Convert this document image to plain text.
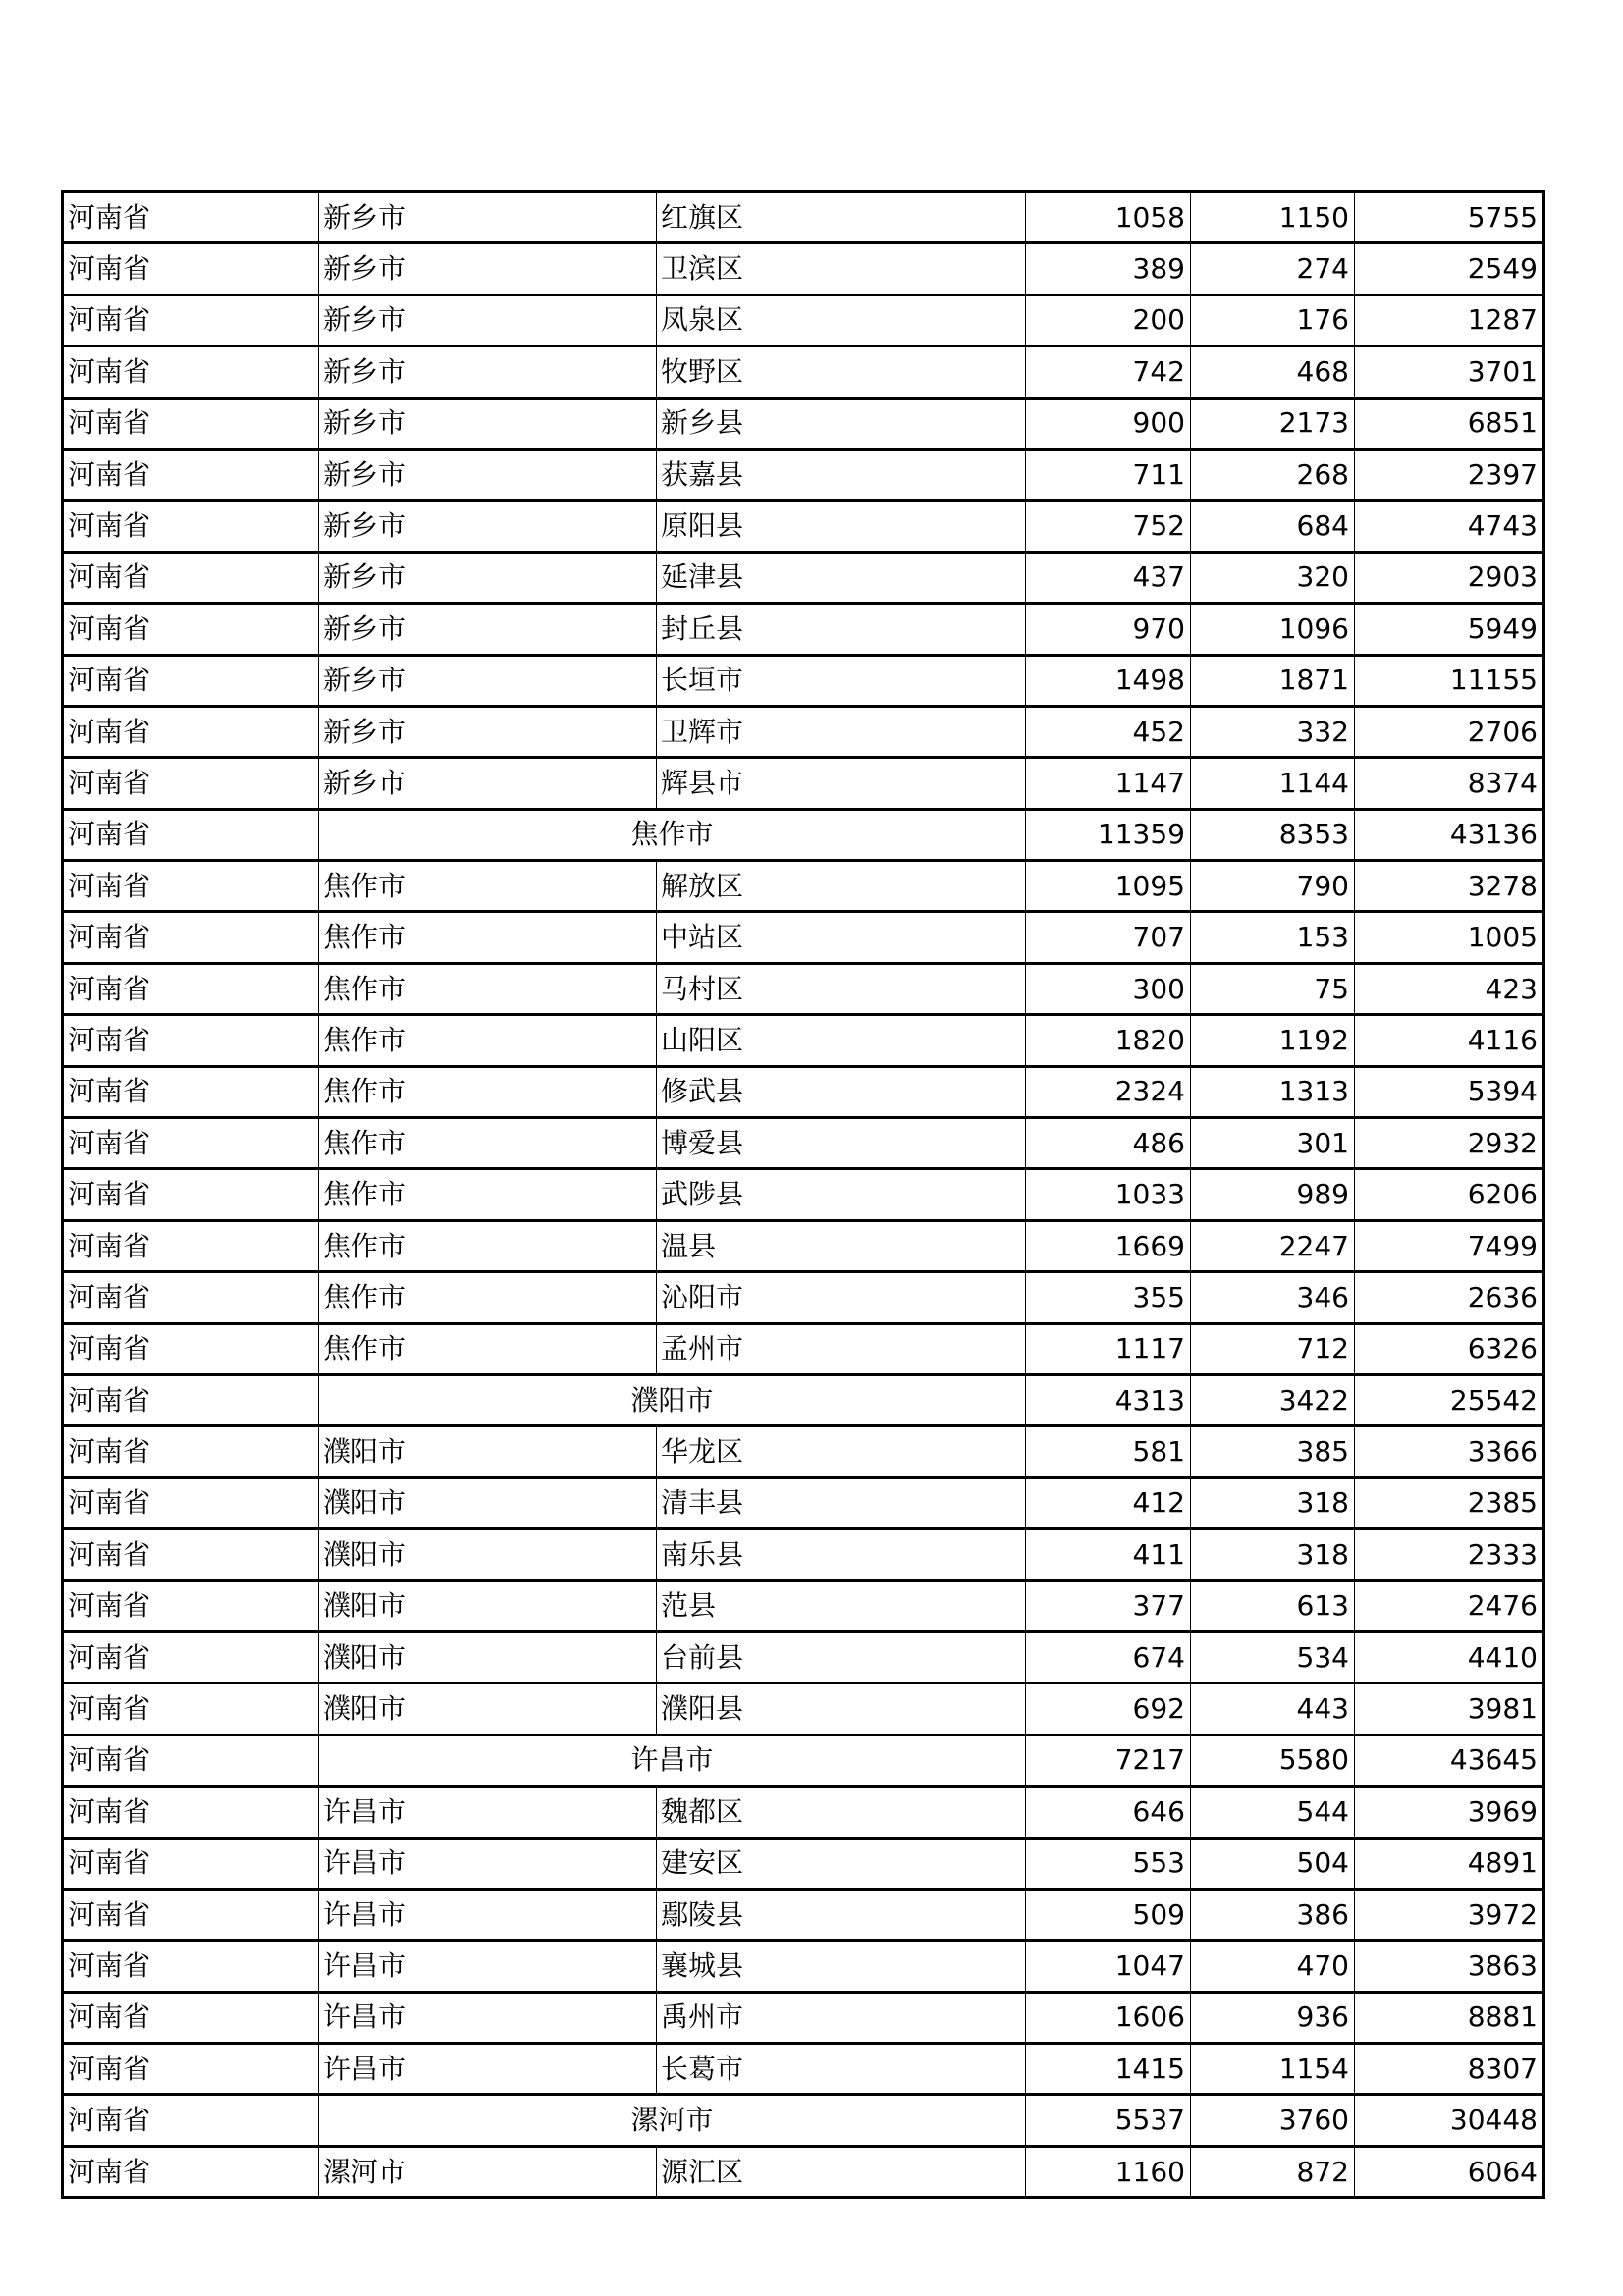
河南省	新乡市	红旗区	1058	1150	5755
河南省	新乡市	卫滨区	389	274	2549
河南省	新乡市	凤泉区	200	176	1287
河南省	新乡市	牧野区	742	468	3701
河南省	新乡市	新乡县	900	2173	6851
河南省	新乡市	获嘉县	711	268	2397
河南省	新乡市	原阳县	752	684	4743
河南省	新乡市	延津县	437	320	2903
河南省	新乡市	封丘县	970	1096	5949
河南省	新乡市	长垣市	1498	1871	11155
河南省	新乡市	卫辉市	452	332	2706
河南省	新乡市	辉县市	1147	1144	8374
河南省	焦作市		11359	8353	43136
河南省	焦作市	解放区	1095	790	3278
河南省	焦作市	中站区	707	153	1005
河南省	焦作市	马村区	300	75	423
河南省	焦作市	山阳区	1820	1192	4116
河南省	焦作市	修武县	2324	1313	5394
河南省	焦作市	博爱县	486	301	2932
河南省	焦作市	武陟县	1033	989	6206
河南省	焦作市	温县	1669	2247	7499
河南省	焦作市	沁阳市	355	346	2636
河南省	焦作市	孟州市	1117	712	6326
河南省	濮阳市		4313	3422	25542
河南省	濮阳市	华龙区	581	385	3366
河南省	濮阳市	清丰县	412	318	2385
河南省	濮阳市	南乐县	411	318	2333
河南省	濮阳市	范县	377	613	2476
河南省	濮阳市	台前县	674	534	4410
河南省	濮阳市	濮阳县	692	443	3981
河南省	许昌市		7217	5580	43645
河南省	许昌市	魏都区	646	544	3969
河南省	许昌市	建安区	553	504	4891
河南省	许昌市	鄢陵县	509	386	3972
河南省	许昌市	襄城县	1047	470	3863
河南省	许昌市	禹州市	1606	936	8881
河南省	许昌市	长葛市	1415	1154	8307
河南省	漯河市		5537	3760	30448
河南省	漯河市	源汇区	1160	872	6064
